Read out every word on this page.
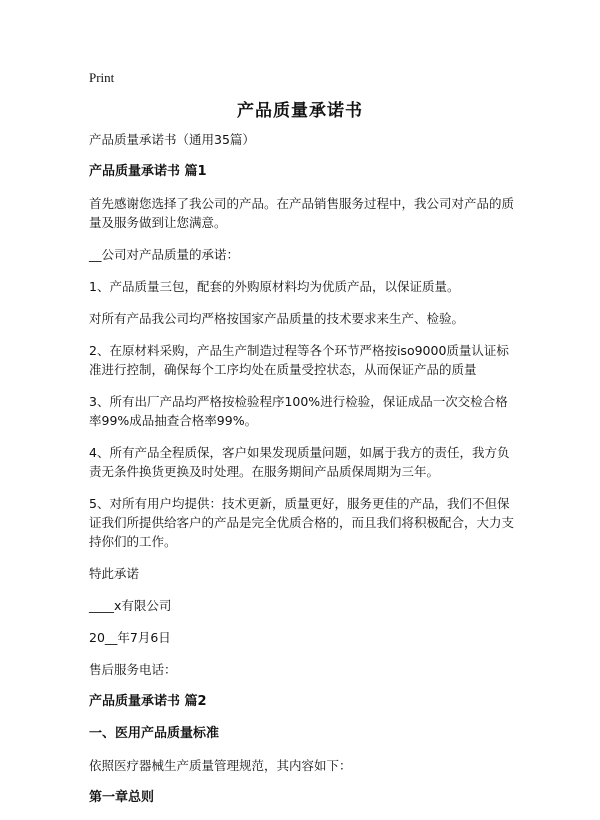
Print
产品质量承诺书
产品质量承诺书（通用35篇）
产品质量承诺书 篇1
首先感谢您选择了我公司的产品。在产品销售服务过程中，我公司对产品的质量及服务做到让您满意。
__公司对产品质量的承诺：
1、产品质量三包，配套的外购原材料均为优质产品，以保证质量。
对所有产品我公司均严格按国家产品质量的技术要求来生产、检验。
2、在原材料采购，产品生产制造过程等各个环节严格按iso9000质量认证标准进行控制，确保每个工序均处在质量受控状态，从而保证产品的质量
3、所有出厂产品均严格按检验程序100%进行检验，保证成品一次交检合格率99%成品抽查合格率99%。
4、所有产品全程质保，客户如果发现质量问题，如属于我方的责任，我方负责无条件换货更换及时处理。在服务期间产品质保周期为三年。
5、对所有用户均提供：技术更新，质量更好，服务更佳的产品，我们不但保证我们所提供给客户的产品是完全优质合格的，而且我们将积极配合，大力支持你们的工作。
特此承诺
____x有限公司
20__年7月6日
售后服务电话：
产品质量承诺书 篇2
一、医用产品质量标准
依照医疗器械生产质量管理规范，其内容如下：
第一章总则
